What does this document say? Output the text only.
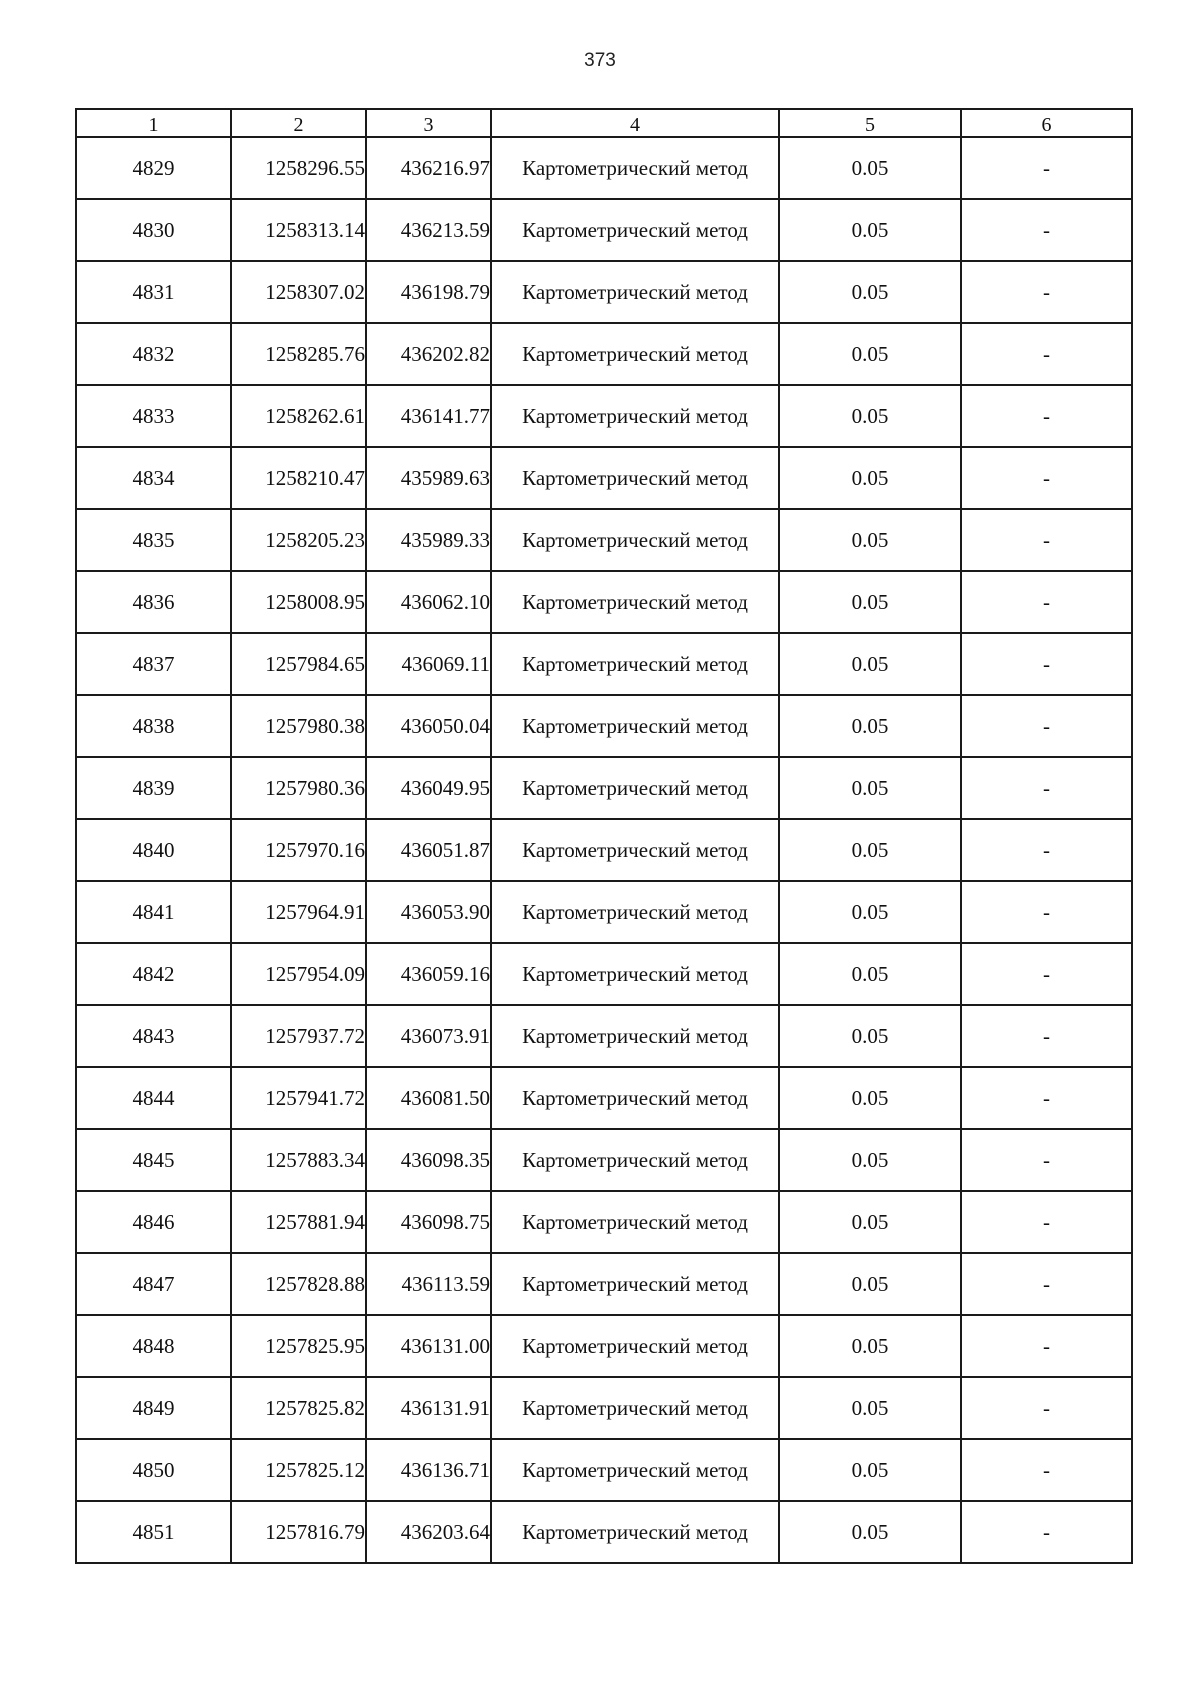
373
1	2	3	4	5	6
4829	1258296.55	436216.97	Картометрический метод	0.05	-
4830	1258313.14	436213.59	Картометрический метод	0.05	-
4831	1258307.02	436198.79	Картометрический метод	0.05	-
4832	1258285.76	436202.82	Картометрический метод	0.05	-
4833	1258262.61	436141.77	Картометрический метод	0.05	-
4834	1258210.47	435989.63	Картометрический метод	0.05	-
4835	1258205.23	435989.33	Картометрический метод	0.05	-
4836	1258008.95	436062.10	Картометрический метод	0.05	-
4837	1257984.65	436069.11	Картометрический метод	0.05	-
4838	1257980.38	436050.04	Картометрический метод	0.05	-
4839	1257980.36	436049.95	Картометрический метод	0.05	-
4840	1257970.16	436051.87	Картометрический метод	0.05	-
4841	1257964.91	436053.90	Картометрический метод	0.05	-
4842	1257954.09	436059.16	Картометрический метод	0.05	-
4843	1257937.72	436073.91	Картометрический метод	0.05	-
4844	1257941.72	436081.50	Картометрический метод	0.05	-
4845	1257883.34	436098.35	Картометрический метод	0.05	-
4846	1257881.94	436098.75	Картометрический метод	0.05	-
4847	1257828.88	436113.59	Картометрический метод	0.05	-
4848	1257825.95	436131.00	Картометрический метод	0.05	-
4849	1257825.82	436131.91	Картометрический метод	0.05	-
4850	1257825.12	436136.71	Картометрический метод	0.05	-
4851	1257816.79	436203.64	Картометрический метод	0.05	-
